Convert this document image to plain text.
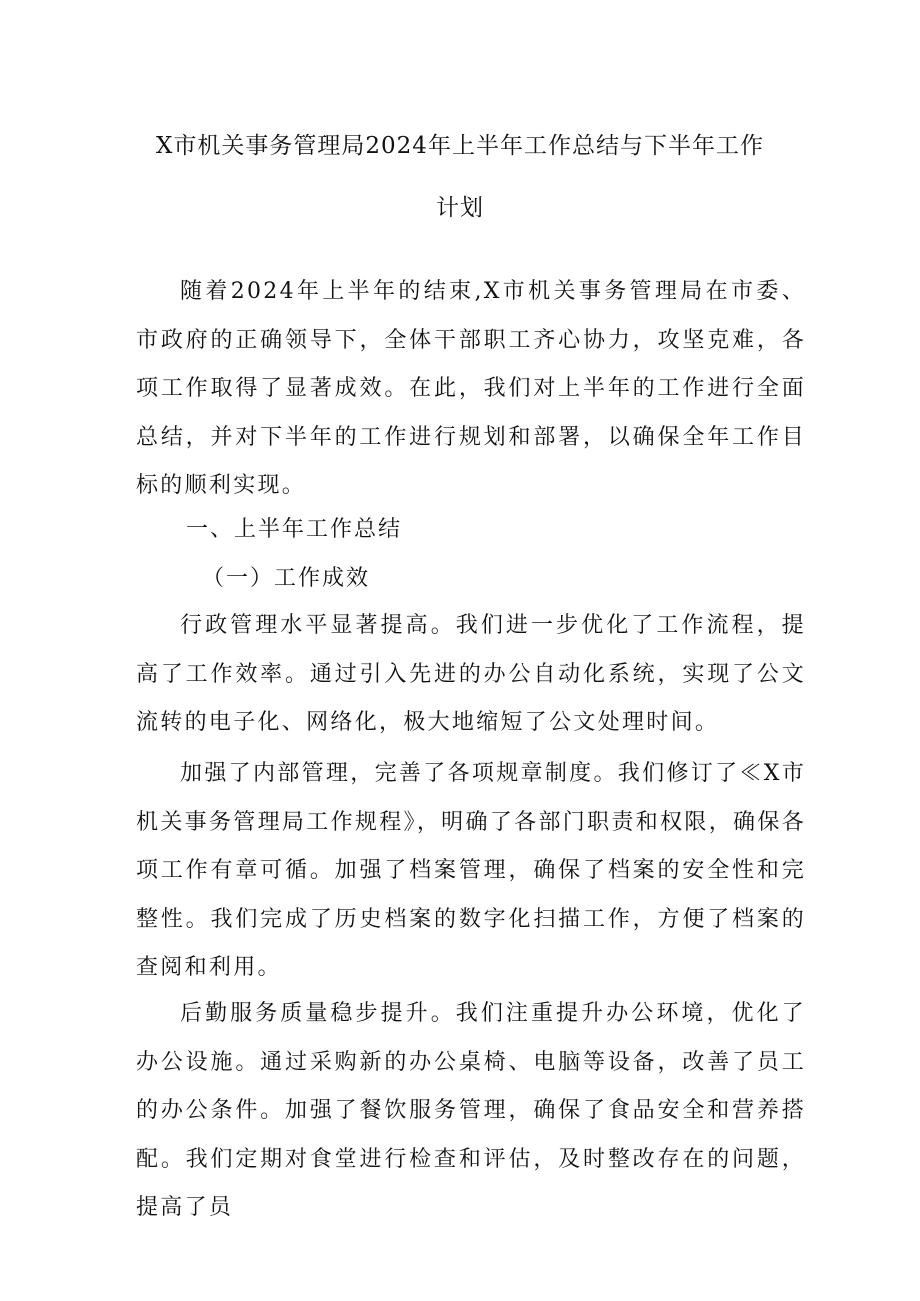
X市机关事务管理局2024年上半年工作总结与下半年工作
计划

随着2024年上半年的结束,X市机关事务管理局在市委、市政府的正确领导下，全体干部职工齐心协力，攻坚克难，各项工作取得了显著成效。在此，我们对上半年的工作进行全面总结，并对下半年的工作进行规划和部署，以确保全年工作目标的顺利实现。

一、上半年工作总结
（一）工作成效

行政管理水平显著提高。我们进一步优化了工作流程，提高了工作效率。通过引入先进的办公自动化系统，实现了公文流转的电子化、网络化，极大地缩短了公文处理时间。

加强了内部管理，完善了各项规章制度。我们修订了≪X市机关事务管理局工作规程》，明确了各部门职责和权限，确保各项工作有章可循。加强了档案管理，确保了档案的安全性和完整性。我们完成了历史档案的数字化扫描工作，方便了档案的查阅和利用。

后勤服务质量稳步提升。我们注重提升办公环境，优化了办公设施。通过采购新的办公桌椅、电脑等设备，改善了员工的办公条件。加强了餐饮服务管理，确保了食品安全和营养搭配。我们定期对食堂进行检查和评估，及时整改存在的问题，提高了员
